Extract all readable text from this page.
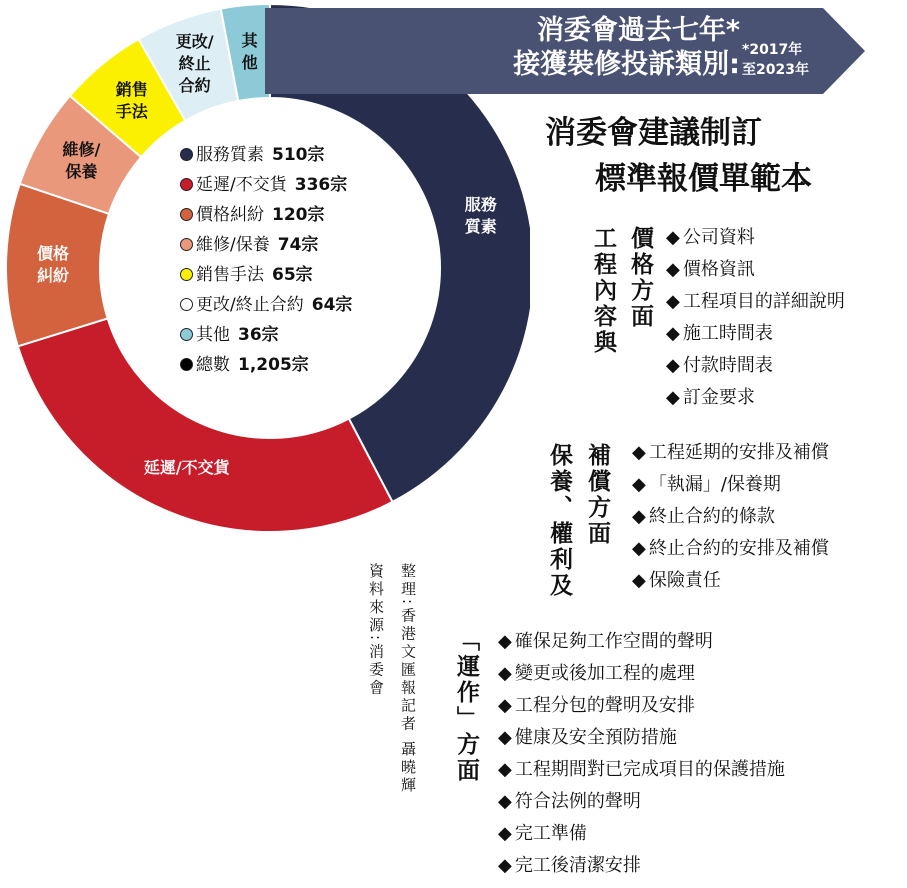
消委會過去七年*
接獲裝修投訴類別: *2017年
至2023年
消委會建議制訂
標準報價單範本
服務質素 510宗
延遲/不交貨 336宗
價格糾紛 120宗
維修/保養 74宗
銷售手法 65宗
更改/終止合約 64宗
其他 36宗
總數 1,205宗
服務
質素
延遲/不交貨
價格
糾紛
維修/
保養
銷售
手法
更改/
終止
合約
其
他
資料來源:消委會 整理:香港文匯報記者 聶曉輝
價格方面
工程內容與	◆ 公司資料
◆ 價格資訊
◆ 工程項目的詳細說明
◆ 施工時間表
◆ 付款時間表
◆ 訂金要求
補償方面
保養、權利及	◆ 工程延期的安排及補償
◆ 「執漏」/保養期
◆ 終止合約的條款
◆ 終止合約的安排及補償
◆ 保險責任
「運作」方面	◆ 確保足夠工作空間的聲明
◆ 變更或後加工程的處理
◆ 工程分包的聲明及安排
◆ 健康及安全預防措施
◆ 工程期間對已完成項目的保護措施
◆ 符合法例的聲明
◆ 完工準備
◆ 完工後清潔安排
